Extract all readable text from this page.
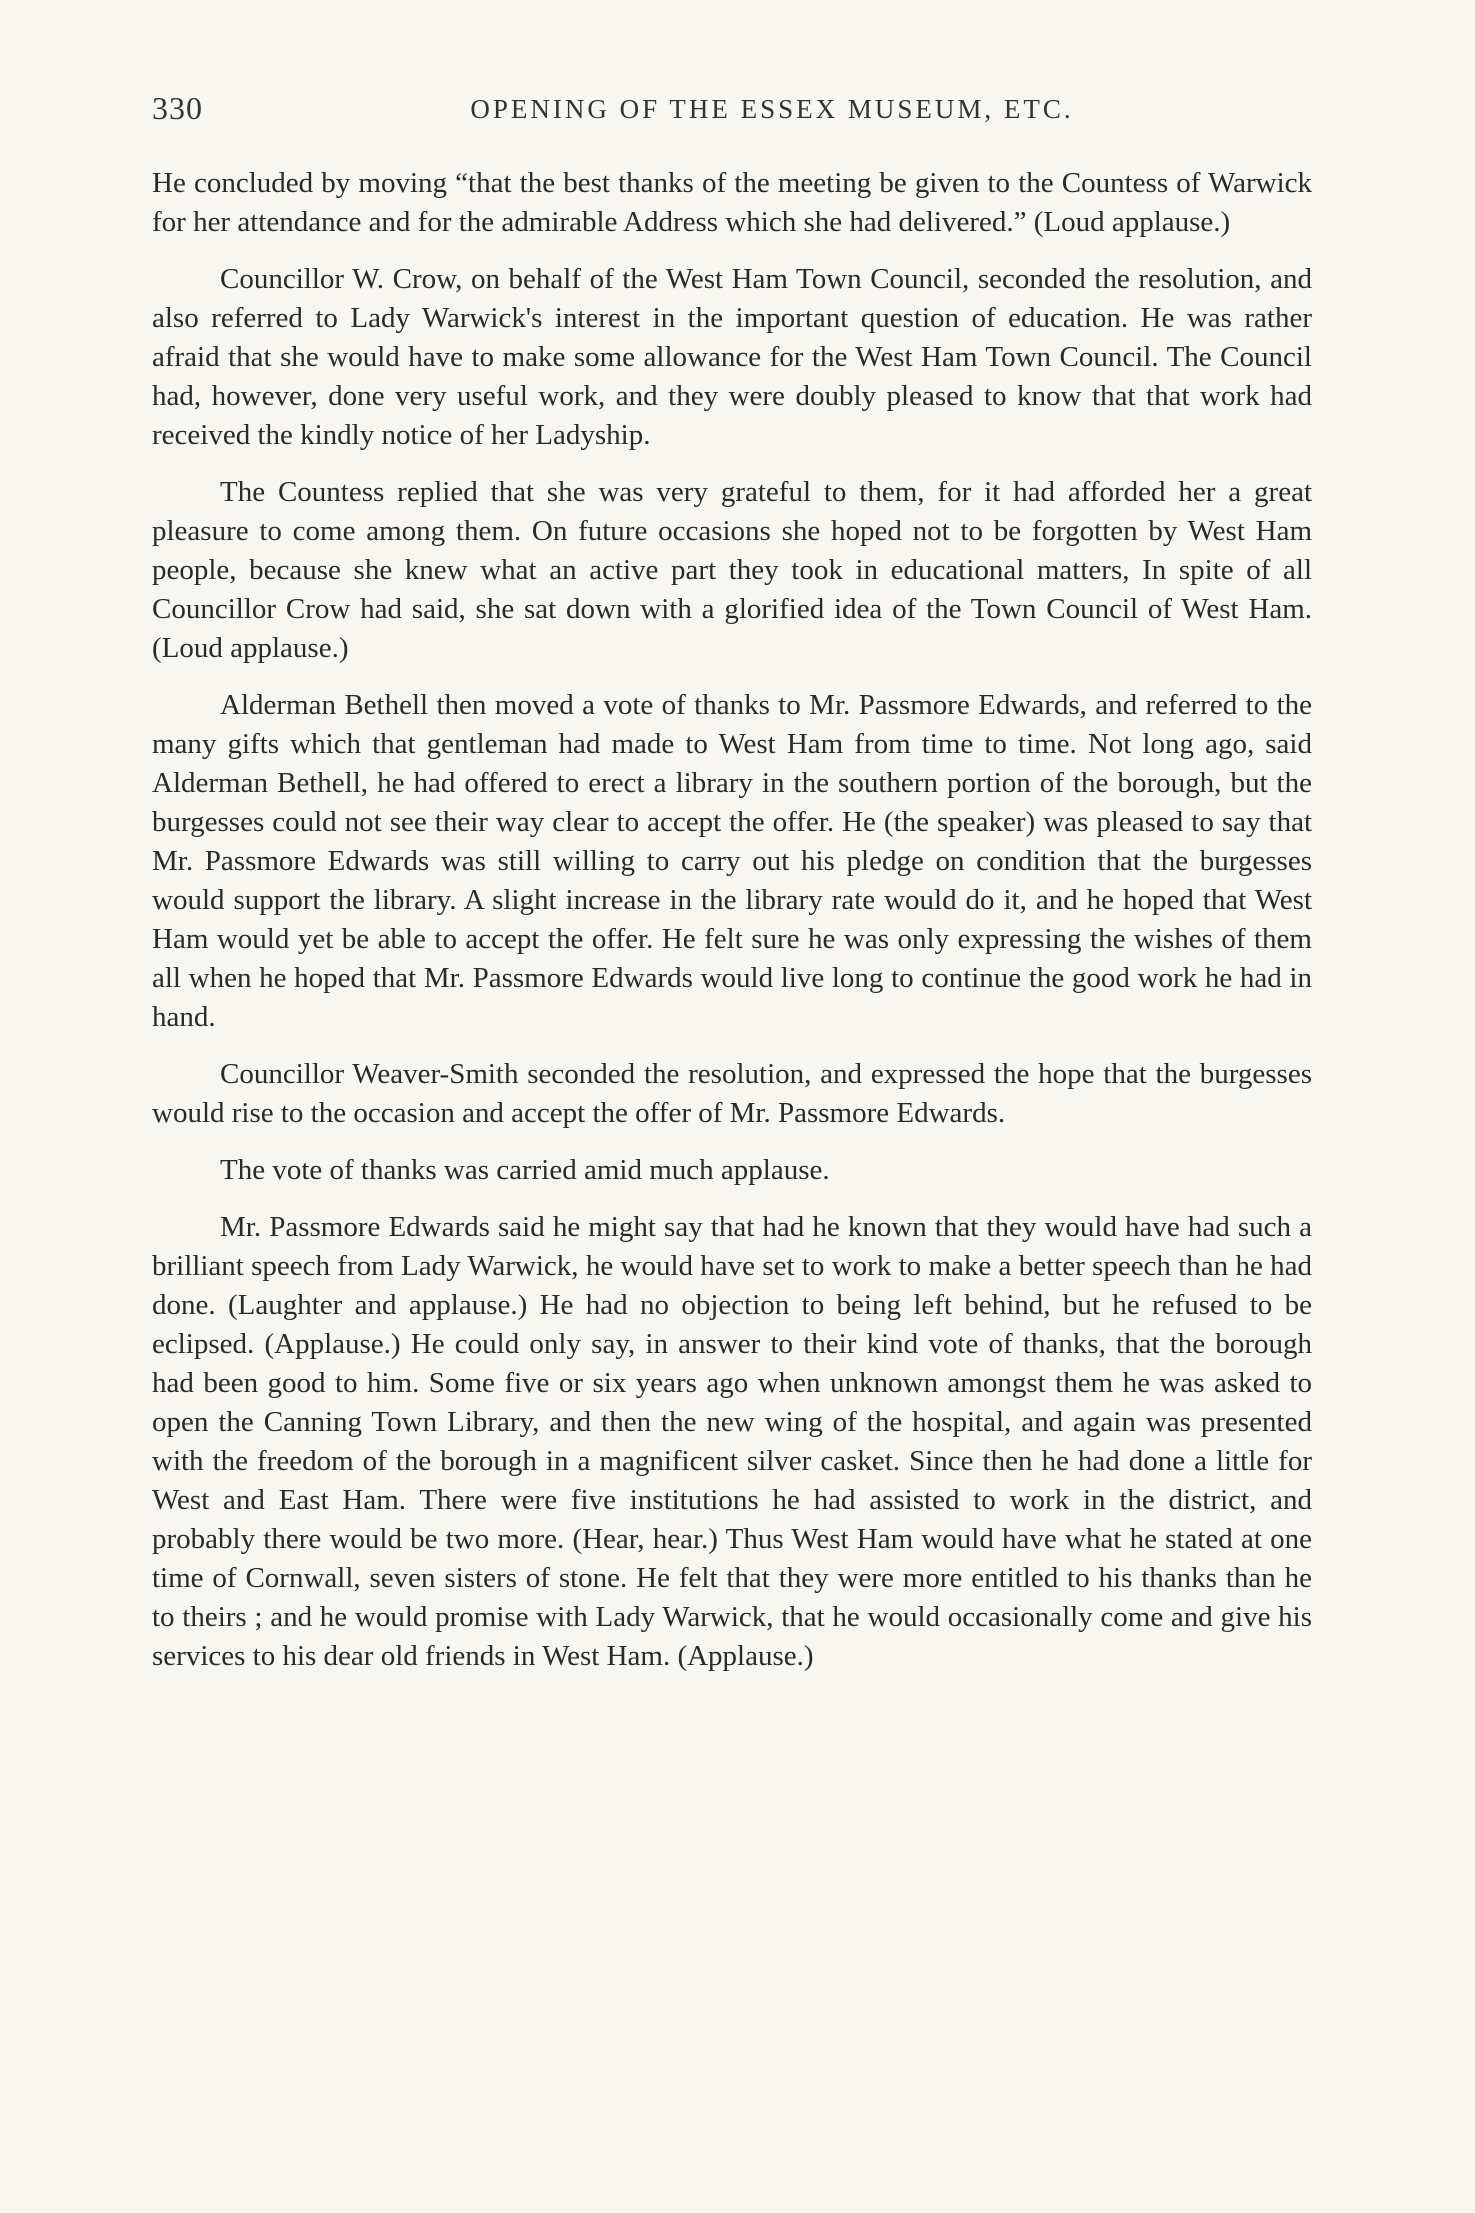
330	OPENING OF THE ESSEX MUSEUM, ETC.

He concluded by moving “that the best thanks of the meeting be given to the Countess of Warwick for her attendance and for the admirable Address which she had delivered.” (Loud applause.)

Councillor W. Crow, on behalf of the West Ham Town Council, seconded the resolution, and also referred to Lady Warwick's interest in the important question of education. He was rather afraid that she would have to make some allowance for the West Ham Town Council. The Council had, however, done very useful work, and they were doubly pleased to know that that work had received the kindly notice of her Ladyship.

The Countess replied that she was very grateful to them, for it had afforded her a great pleasure to come among them. On future occasions she hoped not to be forgotten by West Ham people, because she knew what an active part they took in educational matters, In spite of all Councillor Crow had said, she sat down with a glorified idea of the Town Council of West Ham. (Loud applause.)

Alderman Bethell then moved a vote of thanks to Mr. Passmore Edwards, and referred to the many gifts which that gentleman had made to West Ham from time to time. Not long ago, said Alderman Bethell, he had offered to erect a library in the southern portion of the borough, but the burgesses could not see their way clear to accept the offer. He (the speaker) was pleased to say that Mr. Passmore Edwards was still willing to carry out his pledge on condition that the burgesses would support the library. A slight increase in the library rate would do it, and he hoped that West Ham would yet be able to accept the offer. He felt sure he was only expressing the wishes of them all when he hoped that Mr. Passmore Edwards would live long to continue the good work he had in hand.

Councillor Weaver-Smith seconded the resolution, and expressed the hope that the burgesses would rise to the occasion and accept the offer of Mr. Passmore Edwards.

The vote of thanks was carried amid much applause.

Mr. Passmore Edwards said he might say that had he known that they would have had such a brilliant speech from Lady Warwick, he would have set to work to make a better speech than he had done. (Laughter and applause.) He had no objection to being left behind, but he refused to be eclipsed. (Applause.) He could only say, in answer to their kind vote of thanks, that the borough had been good to him. Some five or six years ago when unknown amongst them he was asked to open the Canning Town Library, and then the new wing of the hospital, and again was presented with the freedom of the borough in a magnificent silver casket. Since then he had done a little for West and East Ham. There were five institutions he had assisted to work in the district, and probably there would be two more. (Hear, hear.) Thus West Ham would have what he stated at one time of Cornwall, seven sisters of stone. He felt that they were more entitled to his thanks than he to theirs ; and he would promise with Lady Warwick, that he would occasionally come and give his services to his dear old friends in West Ham. (Applause.)
